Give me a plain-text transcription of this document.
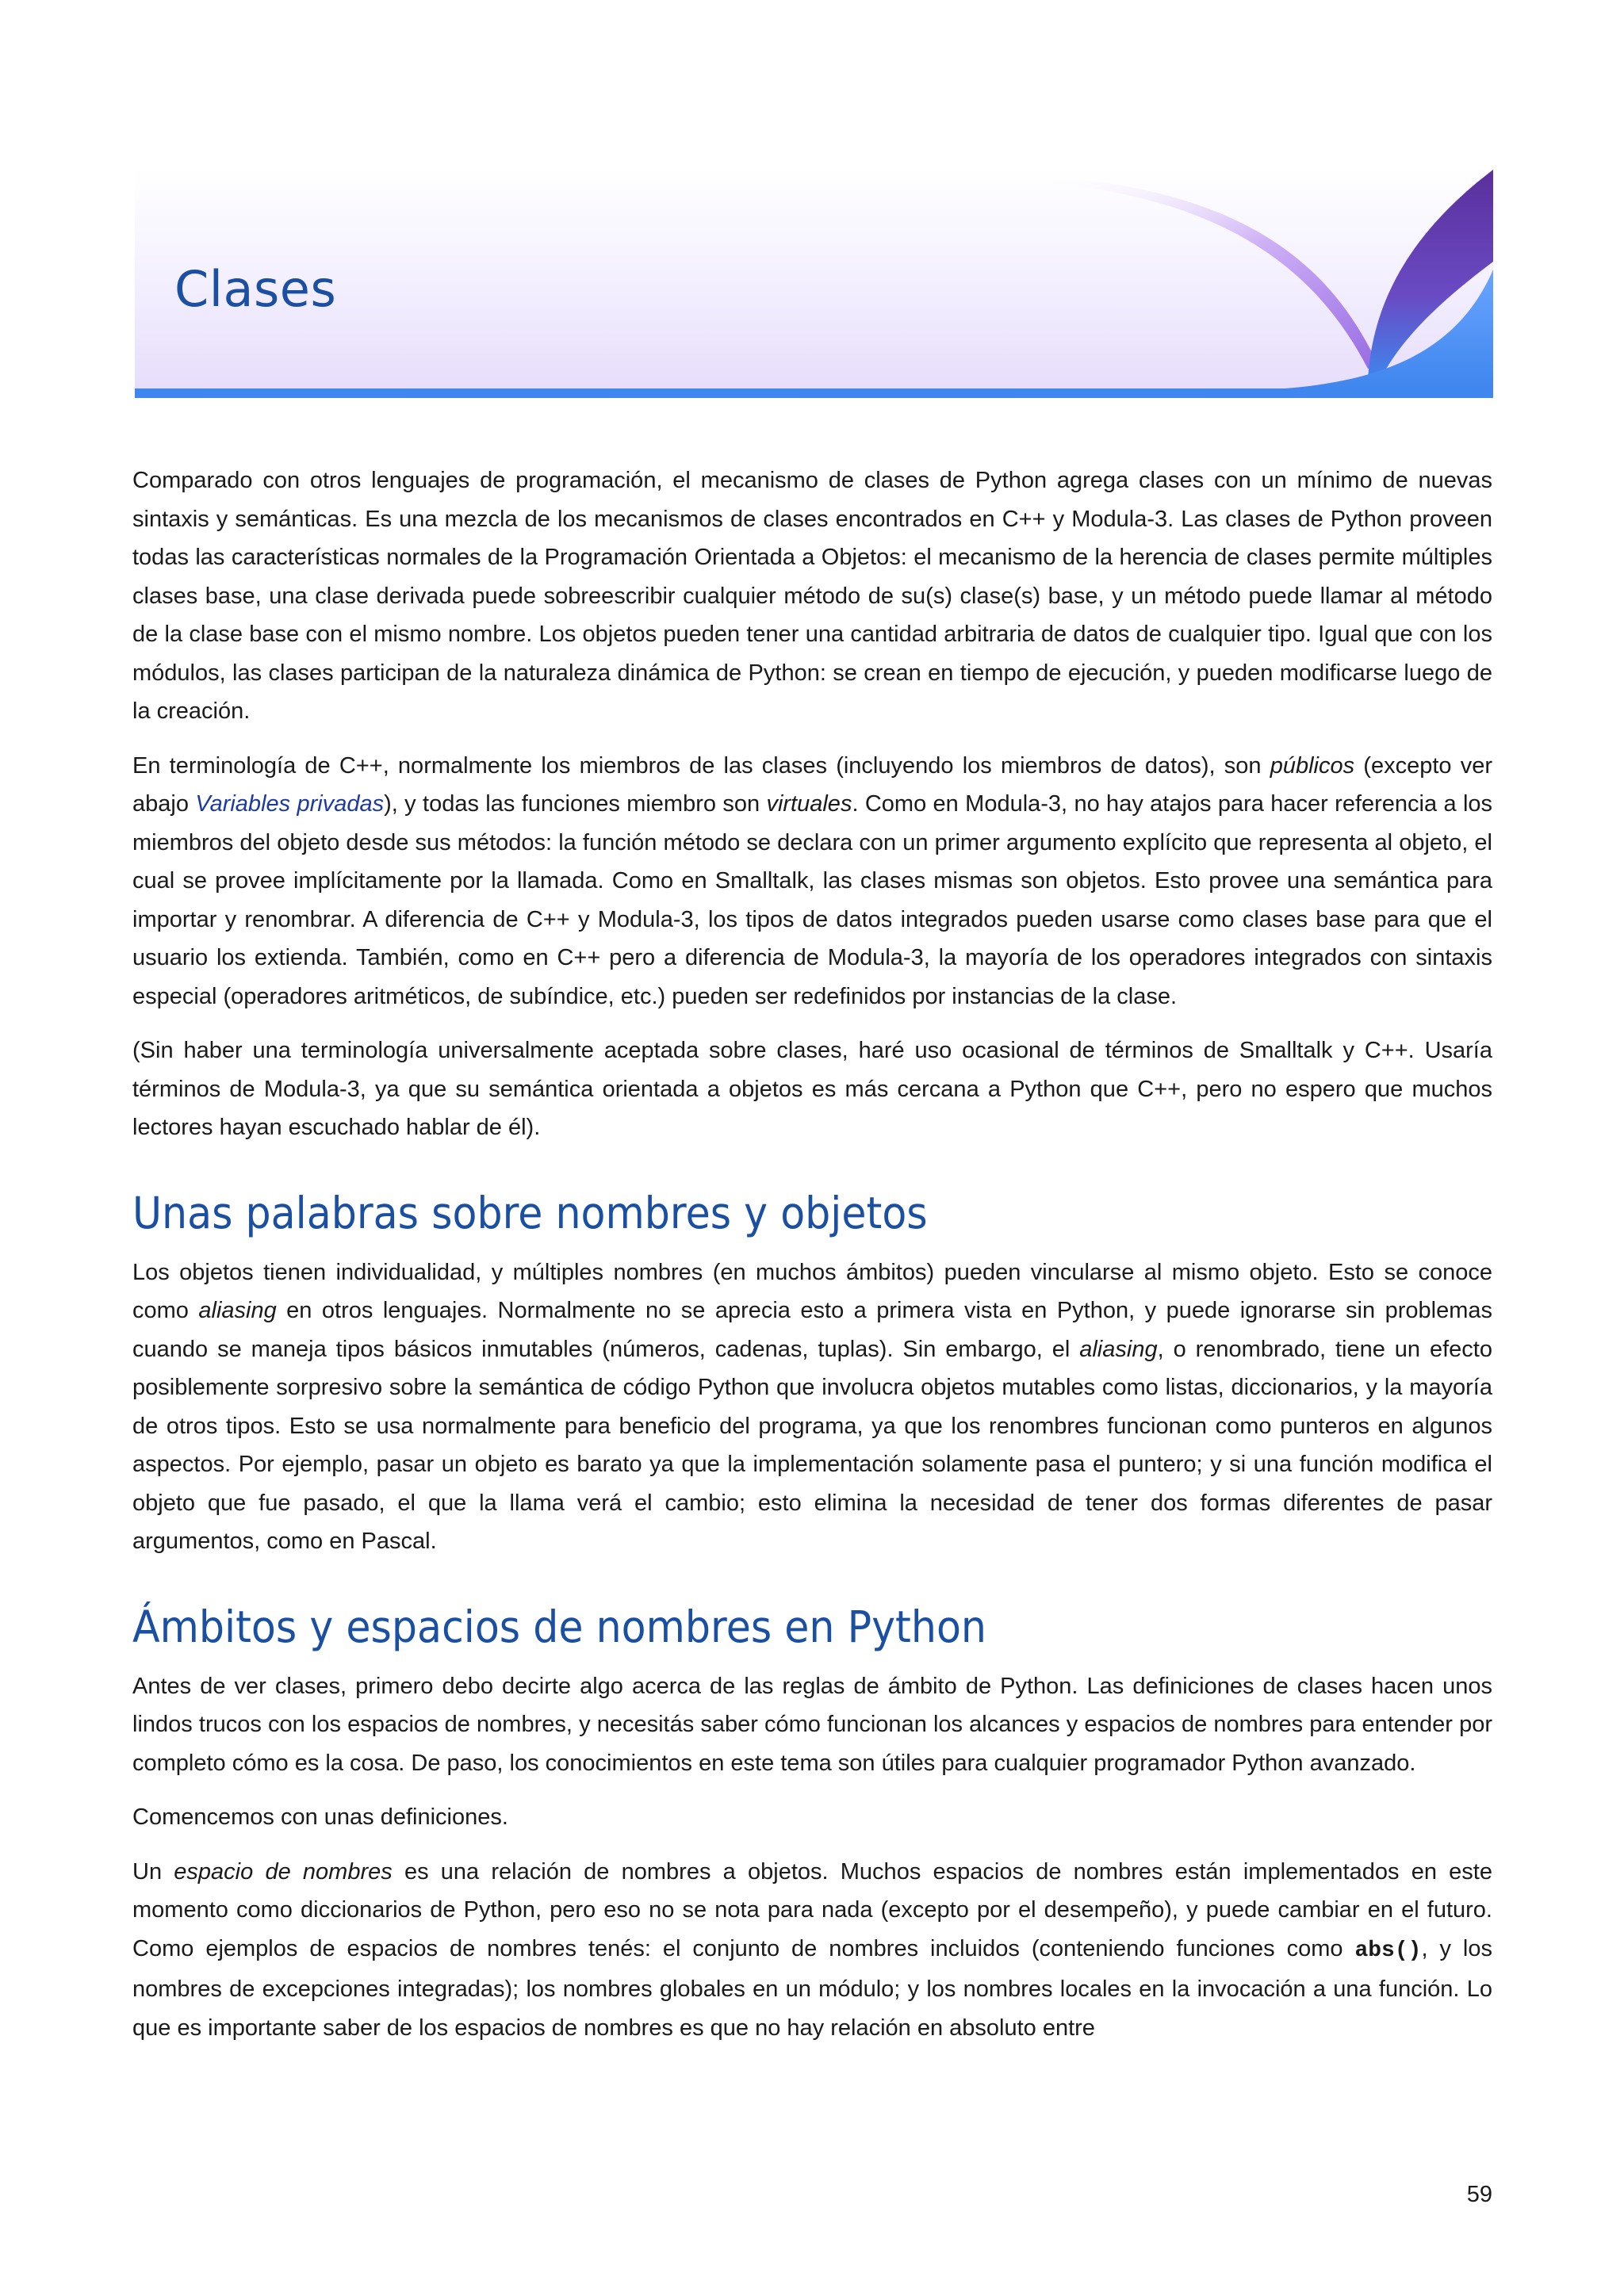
Clases

Comparado con otros lenguajes de programación, el mecanismo de clases de Python agrega clases con un mínimo de nuevas sintaxis y semánticas. Es una mezcla de los mecanismos de clases encontrados en C++ y Modula-3. Las clases de Python proveen todas las características normales de la Programación Orientada a Objetos: el mecanismo de la herencia de clases permite múltiples clases base, una clase derivada puede sobreescribir cualquier método de su(s) clase(s) base, y un método puede llamar al método de la clase base con el mismo nombre. Los objetos pueden tener una cantidad arbitraria de datos de cualquier tipo. Igual que con los módulos, las clases participan de la naturaleza dinámica de Python: se crean en tiempo de ejecución, y pueden modificarse luego de la creación.

En terminología de C++, normalmente los miembros de las clases (incluyendo los miembros de datos), son públicos (excepto ver abajo Variables privadas), y todas las funciones miembro son virtuales. Como en Modula-3, no hay atajos para hacer referencia a los miembros del objeto desde sus métodos: la función método se declara con un primer argumento explícito que representa al objeto, el cual se provee implícitamente por la llamada. Como en Smalltalk, las clases mismas son objetos. Esto provee una semántica para importar y renombrar. A diferencia de C++ y Modula-3, los tipos de datos integrados pueden usarse como clases base para que el usuario los extienda. También, como en C++ pero a diferencia de Modula-3, la mayoría de los operadores integrados con sintaxis especial (operadores aritméticos, de subíndice, etc.) pueden ser redefinidos por instancias de la clase.

(Sin haber una terminología universalmente aceptada sobre clases, haré uso ocasional de términos de Smalltalk y C++. Usaría términos de Modula-3, ya que su semántica orientada a objetos es más cercana a Python que C++, pero no espero que muchos lectores hayan escuchado hablar de él).

Unas palabras sobre nombres y objetos

Los objetos tienen individualidad, y múltiples nombres (en muchos ámbitos) pueden vincularse al mismo objeto. Esto se conoce como aliasing en otros lenguajes. Normalmente no se aprecia esto a primera vista en Python, y puede ignorarse sin problemas cuando se maneja tipos básicos inmutables (números, cadenas, tuplas). Sin embargo, el aliasing, o renombrado, tiene un efecto posiblemente sorpresivo sobre la semántica de código Python que involucra objetos mutables como listas, diccionarios, y la mayoría de otros tipos. Esto se usa normalmente para beneficio del programa, ya que los renombres funcionan como punteros en algunos aspectos. Por ejemplo, pasar un objeto es barato ya que la implementación solamente pasa el puntero; y si una función modifica el objeto que fue pasado, el que la llama verá el cambio; esto elimina la necesidad de tener dos formas diferentes de pasar argumentos, como en Pascal.

Ámbitos y espacios de nombres en Python

Antes de ver clases, primero debo decirte algo acerca de las reglas de ámbito de Python. Las definiciones de clases hacen unos lindos trucos con los espacios de nombres, y necesitás saber cómo funcionan los alcances y espacios de nombres para entender por completo cómo es la cosa. De paso, los conocimientos en este tema son útiles para cualquier programador Python avanzado.

Comencemos con unas definiciones.

Un espacio de nombres es una relación de nombres a objetos. Muchos espacios de nombres están implementados en este momento como diccionarios de Python, pero eso no se nota para nada (excepto por el desempeño), y puede cambiar en el futuro. Como ejemplos de espacios de nombres tenés: el conjunto de nombres incluidos (conteniendo funciones como abs(), y los nombres de excepciones integradas); los nombres globales en un módulo; y los nombres locales en la invocación a una función. Lo que es importante saber de los espacios de nombres es que no hay relación en absoluto entre

59
